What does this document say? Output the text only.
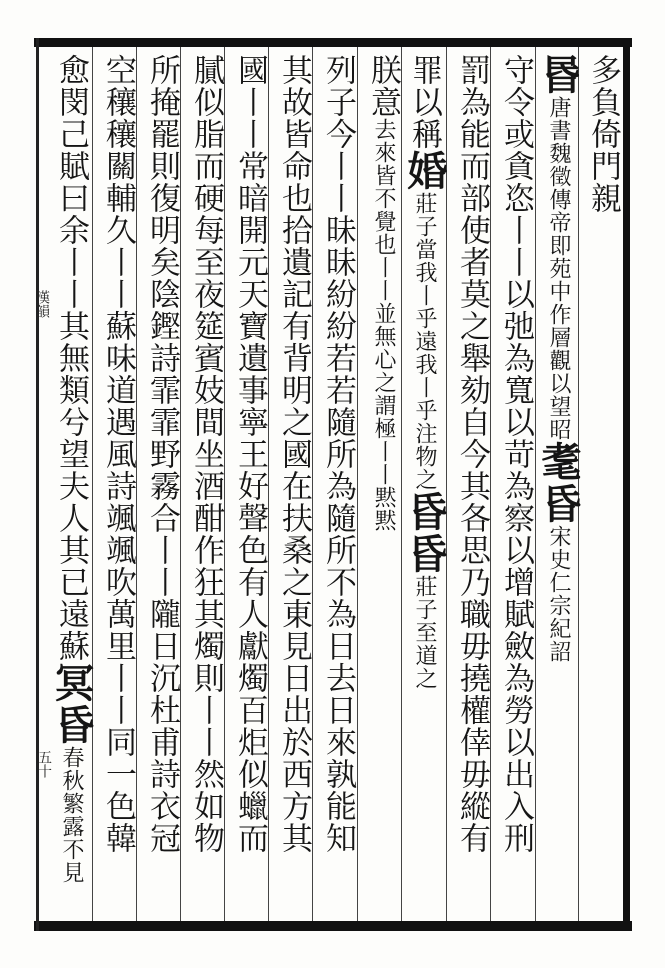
漢韻
五十
多負倚門親
昬唐書魏徵傳帝即苑中作層觀以望昭耄昏宋史仁宗紀詔
守令或貪恣丨丨以弛為寬以苛為察以增賦斂為勞以出入刑
罰為能而部使者莫之舉劾自今其各思乃職毋撓權倖毋縱有
罪以稱婚莊子當我丨乎遠我丨乎注物之昏昏莊子至道之
朕意去來皆不覺也丨丨並無心之謂極丨丨黙黙
列子今丨丨昧昧紛紛若若隨所為隨所不為日去日來孰能知
其故皆命也拾遺記有背明之國在扶桑之東見日出於西方其
國丨丨常暗開元天寶遺事寧王好聲色有人獻燭百炬似蠟而
膩似脂而硬每至夜筵賓妓間坐酒酣作狂其燭則丨丨然如物
所掩罷則復明矣陰鏗詩霏霏野霧合丨丨隴日沉杜甫詩衣冠
空穰穰關輔久丨丨蘇味道遇風詩颯颯吹萬里丨丨同一色韓
愈閔己賦曰余丨丨其無類兮望夫人其已遠蘇冥昏春秋繁露不見
